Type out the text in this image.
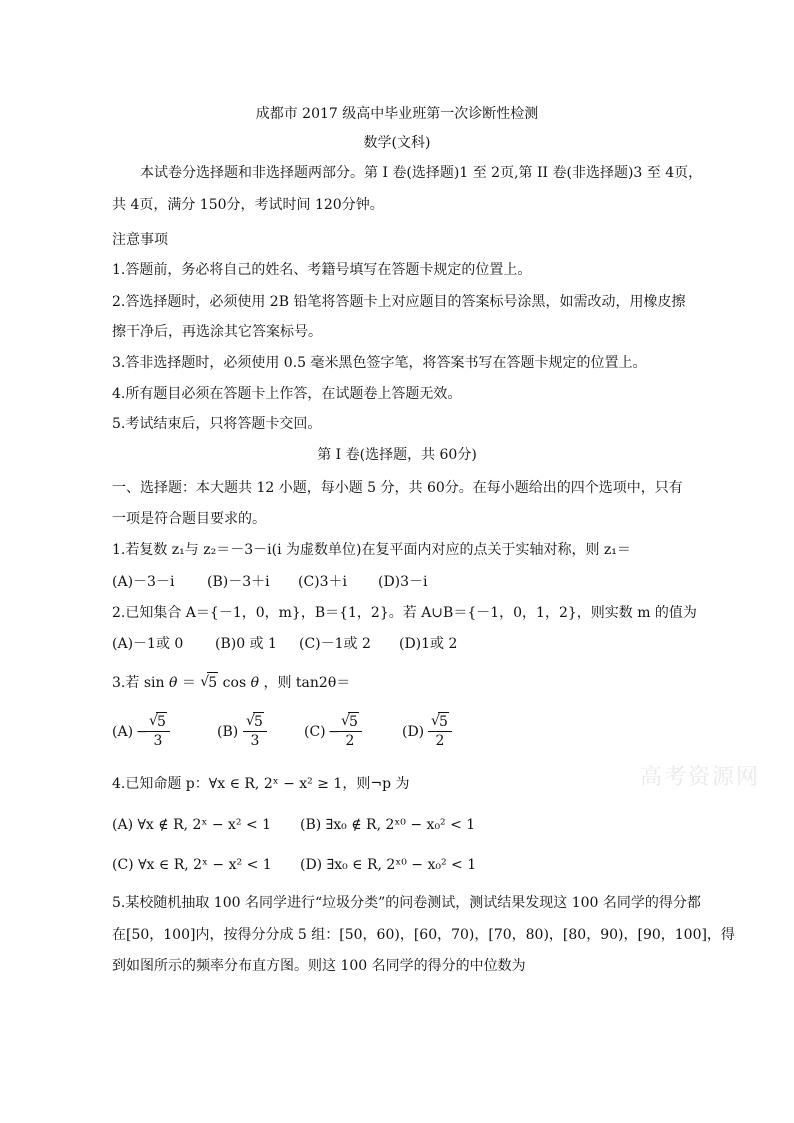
成都市 2017 级高中毕业班第一次诊断性检测
数学(文科)
本试卷分选择题和非选择题两部分。第 I 卷(选择题)1 至 2页,第 II 卷(非选择题)3 至 4页，
共 4页，满分 150分，考试时间 120分钟。
注意事项
1.答题前，务必将自己的姓名、考籍号填写在答题卡规定的位置上。
2.答选择题时，必须使用 2B 铅笔将答题卡上对应题目的答案标号涂黑，如需改动，用橡皮擦
擦干净后，再选涂其它答案标号。
3.答非选择题时，必须使用 0.5 毫米黑色签字笔，将答案书写在答题卡规定的位置上。
4.所有题目必须在答题卡上作答，在试题卷上答题无效。
5.考试结束后，只将答题卡交回。
第 I 卷(选择题，共 60分)
一、选择题：本大题共 12 小题，每小题 5 分，共 60分。在每小题给出的四个选项中，只有
一项是符合题目要求的。
1.若复数 z₁与 z₂＝－3－i(i 为虚数单位)在复平面内对应的点关于实轴对称，则 z₁＝
(A)－3－i (B)－3＋i (C)3＋i (D)3－i
2.已知集合 A＝{－1，0，m}，B＝{1，2}。若 A∪B＝{－1，0，1，2}，则实数 m 的值为
(A)－1或 0 (B)0 或 1 (C)－1或 2 (D)1或 2
3.若 sin θ ＝ √ 5 cos θ ，则 tan2θ＝
(A) −
$\frac{√ 5}{3}$	$(B) \frac{√ 5}{3}$	(C) −
$\frac{√ 5}{2}$	$(D) \frac{√ 5}{2}$
4.已知命题 p：∀x ∈ R, 2ˣ − x² ≥ 1，则¬p 为
(A) ∀x ∉ R, 2ˣ − x² < 1 (B) ∃x₀ ∉ R, 2ˣ⁰ − x₀² < 1
(C) ∀x ∈ R, 2ˣ − x² < 1 (D) ∃x₀ ∈ R, 2ˣ⁰ − x₀² < 1
5.某校随机抽取 100 名同学进行“垃圾分类”的问卷测试，测试结果发现这 100 名同学的得分都
在[50，100]内，按得分分成 5 组：[50，60)，[60，70)，[70，80)，[80，90)，[90，100]，得
到如图所示的频率分布直方图。则这 100 名同学的得分的中位数为
高考资源网
